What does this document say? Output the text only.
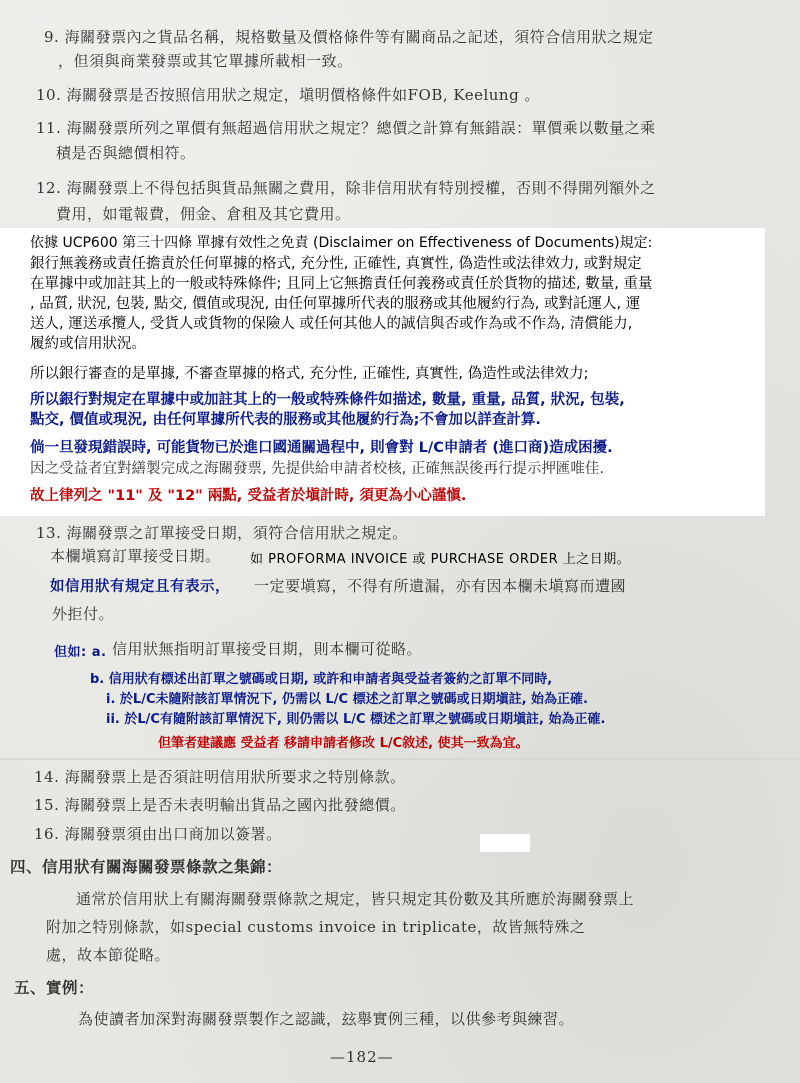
9. 海關發票內之貨品名稱，規格數量及價格條件等有關商品之記述，須符合信用狀之規定
，但須與商業發票或其它單據所載相一致。
10. 海關發票是否按照信用狀之規定，塡明價格條件如FOB, Keelung 。
11. 海關發票所列之單價有無超過信用狀之規定？總價之計算有無錯誤：單價乘以數量之乘
積是否與總價相符。
12. 海關發票上不得包括與貨品無關之費用，除非信用狀有特別授權，否則不得開列額外之
費用，如電報費，佣金、倉租及其它費用。
依據 UCP600 第三十四條 單據有效性之免責 (Disclaimer on Effectiveness of Documents)規定:
銀行無義務或責任擔責於任何單據的格式, 充分性, 正確性, 真實性, 偽造性或法律效力, 或對規定
在單據中或加註其上的一般或特殊條件; 且同上它無擔責任何義務或責任於貨物的描述, 數量, 重量
, 品質, 狀況, 包裝, 點交, 價值或現況, 由任何單據所代表的服務或其他履約行為, 或對託運人, 運
送人, 運送承攬人, 受貨人或貨物的保險人 或任何其他人的誠信與否或作為或不作為, 清償能力,
履約或信用狀況。
所以銀行審查的是單據, 不審查單據的格式, 充分性, 正確性, 真實性, 偽造性或法律效力;
所以銀行對規定在單據中或加註其上的一般或特殊條件如描述, 數量, 重量, 品質, 狀況, 包裝,
點交, 價值或現況, 由任何單據所代表的服務或其他履約行為;不會加以詳查計算.
倘一旦發現錯誤時, 可能貨物已於進口國通關過程中, 則會對 L/C申請者 (進口商)造成困擾.
因之受益者宜對繕製完成之海關發票, 先提供給申請者校核, 正確無誤後再行提示押匯唯佳.
故上律列之 "11" 及 "12" 兩點, 受益者於塡計時, 須更為小心謹愼.
13. 海關發票之訂單接受日期，須符合信用狀之規定。
本欄塡寫訂單接受日期。 如 PROFORMA INVOICE 或 PURCHASE ORDER 上之日期。
如信用狀有規定且有表示， 一定要塡寫，不得有所遺漏，亦有因本欄未塡寫而遭國
外拒付。
但如: a. 信用狀無指明訂單接受日期，則本欄可從略。
b. 信用狀有標述出訂單之號碼或日期, 或許和申請者與受益者簽約之訂單不同時,
i. 於L/C未隨附該訂單情況下, 仍需以 L/C 標述之訂單之號碼或日期塡註, 始為正確.
ii. 於L/C有隨附該訂單情況下, 則仍需以 L/C 標述之訂單之號碼或日期塡註, 始為正確.
但筆者建議應 受益者 移請申請者修改 L/C敘述, 使其一致為宜。
14. 海關發票上是否須註明信用狀所要求之特別條款。
15. 海關發票上是否未表明輸出貨品之國內批發總價。
16. 海關發票須由出口商加以簽署。
四、信用狀有關海關發票條款之集錦：
通常於信用狀上有關海關發票條款之規定，皆只規定其份數及其所應於海關發票上
附加之特別條款，如special customs invoice in triplicate，故皆無特殊之
處，故本節從略。
五、實例：
為使讀者加深對海關發票製作之認識，玆舉實例三種，以供參考與練習。
—182—
